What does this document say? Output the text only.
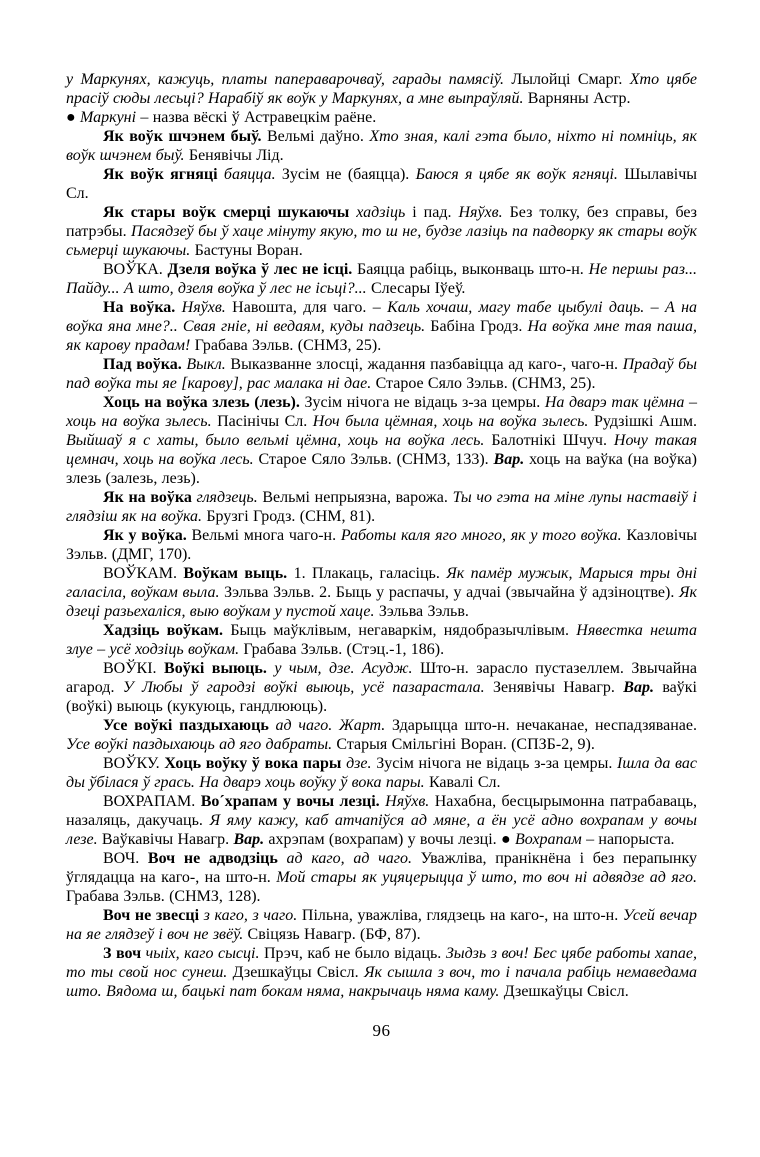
у Маркунях, кажуць, платы папераварочваў, гарады памясіў. Лылойці Смарг. Хто цябе прасіў сюды лесьці? Нарабіў як воўк у Маркунях, а мне выпраўляй. Варняны Астр.

● Маркуні – назва вёскі ў Астравецкім раёне.

Як воўк шчэнем быў. Вельмі даўно. Хто зная, калі гэта было, ніхто ні помніць, як воўк шчэнем быў. Бенявічы Лід.

Як воўк ягняці баяцца. Зусім не (баяцца). Баюся я цябе як воўк ягняці. Шылавічы Сл.

Як стары воўк смерці шукаючы хадзіць і пад. Няўхв. Без толку, без справы, без патрэбы. Пасядзеў бы ў хаце мінуту якую, то ш не, будзе лазіць па падворку як стары воўк сьмерці шукаючы. Бастуны Воран.

ВОЎКА. Дзеля воўка ў лес не ісці. Баяцца рабіць, выконваць што-н. Не першы раз... Пайду... А што, дзеля воўка ў лес не ісьці?... Слесары Іўеў.

На воўка. Няўхв. Навошта, для чаго. – Каль хочаш, магу табе цыбулі даць. – А на воўка яна мне?.. Свая гніе, ні ведаям, куды падзець. Бабіна Гродз. На воўка мне тая паша, як карову прадам! Грабава Зэльв. (СНМЗ, 25).

Пад воўка. Выкл. Выказванне злосці, жадання пазбавіцца ад каго-, чаго-н. Прадаў бы пад воўка ты яе [карову], рас малака ні дае. Старое Сяло Зэльв. (СНМЗ, 25).

Хоць на воўка злезь (лезь). Зусім нічога не відаць з-за цемры. На дварэ так цёмна – хоць на воўка зьлесь. Пасінічы Сл. Ноч была цёмная, хоць на воўка зьлесь. Рудзішкі Ашм. Выйшаў я с хаты, было вельмі цёмна, хоць на воўка лесь. Балотнікі Шчуч. Ночу такая цемнач, хоць на воўка лесь. Старое Сяло Зэльв. (СНМЗ, 133). Вар. хоць на ваўка (на воўка) злезь (залезь, лезь).

Як на воўка глядзець. Вельмі непрыязна, варожа. Ты чо гэта на міне лупы наставіў і глядзіш як на воўка. Брузгі Гродз. (СНМ, 81).

Як у воўка. Вельмі многа чаго-н. Работы каля яго много, як у того воўка. Казловічы Зэльв. (ДМГ, 170).

ВОЎКАМ. Воўкам выць. 1. Плакаць, галасіць. Як памёр мужык, Марыся тры дні галасіла, воўкам выла. Зэльва Зэльв. 2. Быць у распачы, у адчаі (звычайна ў адзіноцтве). Як дзеці разьехаліся, выю воўкам у пустой хаце. Зэльва Зэльв.

Хадзіць воўкам. Быць маўклівым, негаваркім, нядобразычлівым. Нявестка нешта злуе – усё ходзіць воўкам. Грабава Зэльв. (Стэц.-1, 186).

ВОЎКІ. Воўкі выюць. у чым, дзе. Асудж. Што-н. зарасло пустазеллем. Звычайна агарод. У Любы ў гародзі воўкі выюць, усё пазарастала. Зенявічы Навагр. Вар. ваўкі (воўкі) выюць (кукуюць, гандлююць).

Усе воўкі паздыхаюць ад чаго. Жарт. Здарыцца што-н. нечаканае, неспадзяванае. Усе воўкі паздыхаюць ад яго дабраты. Старыя Смільгіні Воран. (СПЗБ-2, 9).

ВОЎКУ. Хоць воўку ў вока пары дзе. Зусім нічога не відаць з-за цемры. Ішла да вас ды ўбілася ў грась. На дварэ хоць воўку ў вока пары. Кавалі Сл.

ВОХРАПАМ. Во´храпам у вочы лезці. Няўхв. Нахабна, бесцырымонна патрабаваць, назаляць, дакучаць. Я яму кажу, каб атчапіўся ад мяне, а ён усё адно вохрапам у вочы лезе. Ваўкавічы Навагр. Вар. ахрэпам (вохрапам) у вочы лезці. ● Вохрапам – напорыста.

ВОЧ. Воч не адводзіць ад каго, ад чаго. Уважліва, пранікнёна і без перапынку ўглядацца на каго-, на што-н. Мой стары як уцяцерыцца ў што, то воч ні адвядзе ад яго. Грабава Зэльв. (СНМЗ, 128).

Воч не звесці з каго, з чаго. Пільна, уважліва, глядзець на каго-, на што-н. Усей вечар на яе глядзеў і воч не звёў. Свіцязь Навагр. (БФ, 87).

З воч чыіх, каго сысці. Прэч, каб не было відаць. Зыдзь з воч! Бес цябе работы хапае, то ты свой нос сунеш. Дзешкаўцы Свісл. Як сышла з воч, то і пачала рабіць немаведама што. Вядома ш, бацькі пат бокам няма, накрычаць няма каму. Дзешкаўцы Свісл.

96
